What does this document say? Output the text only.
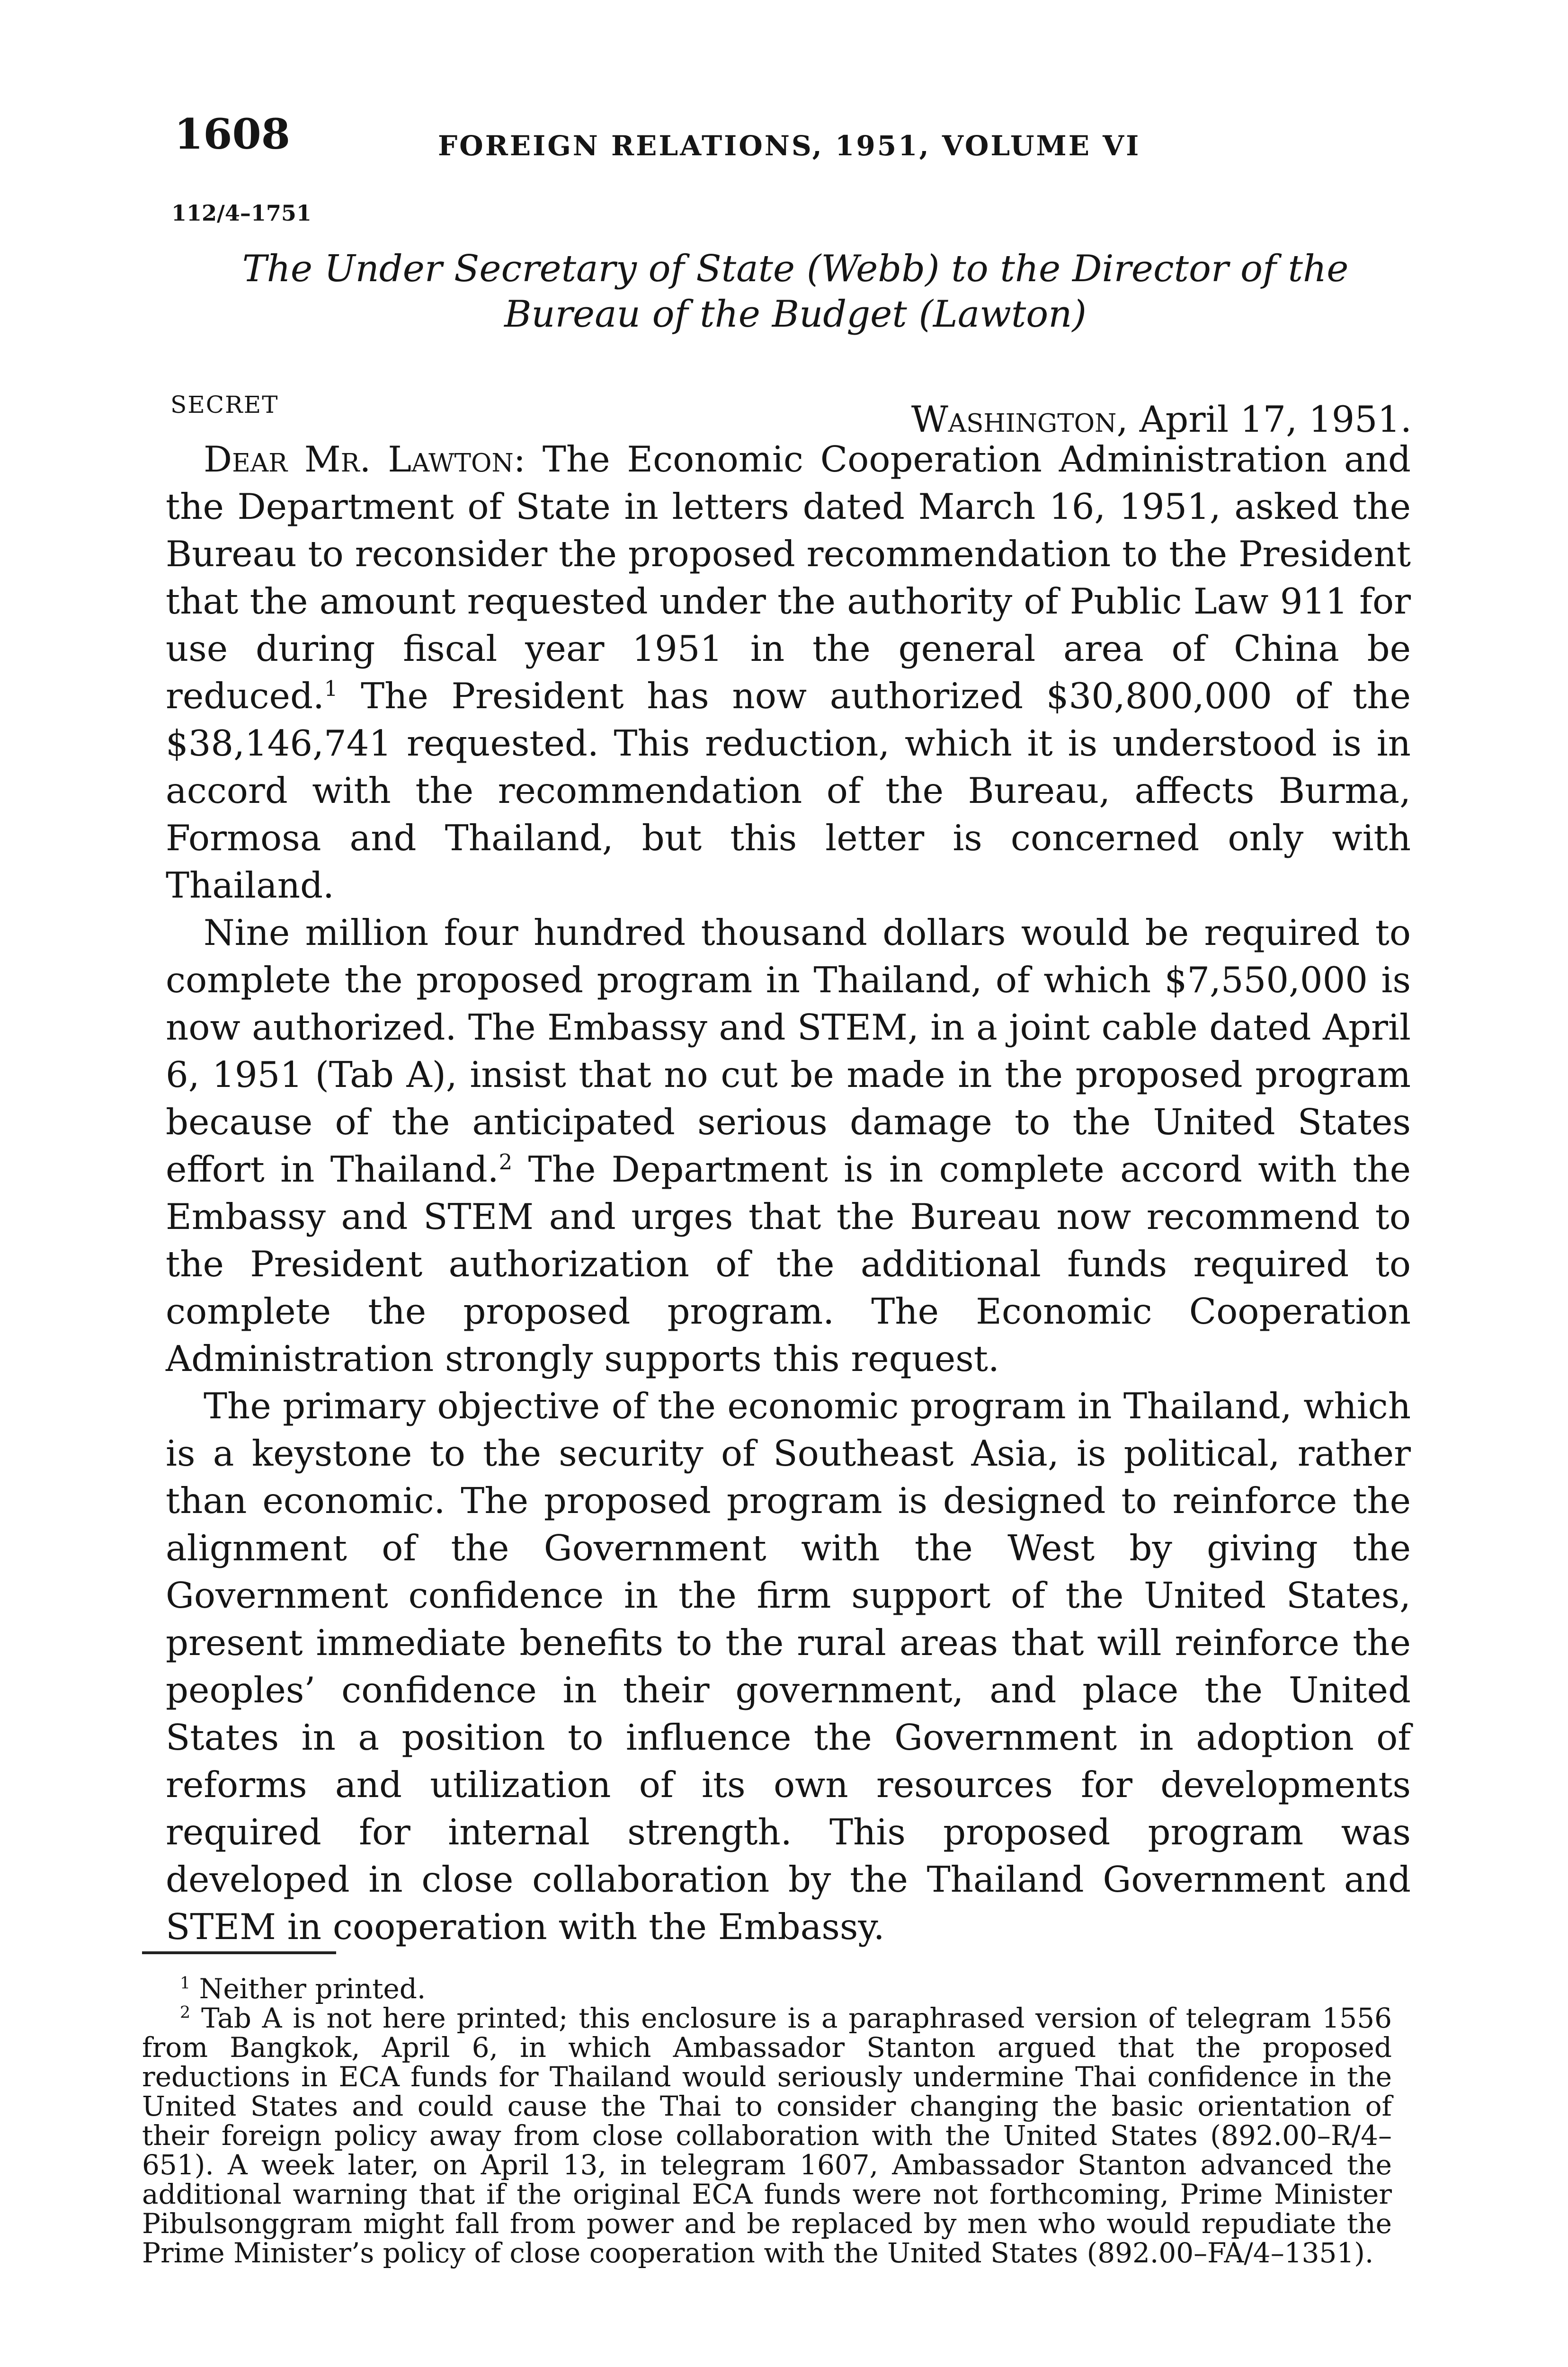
1608	FOREIGN RELATIONS, 1951, VOLUME VI
112/4–1751
The Under Secretary of State (Webb) to the Director of the Bureau of the Budget (Lawton)
SECRET	Washington, April 17, 1951.

Dear Mr. Lawton: The Economic Cooperation Administration and the Department of State in letters dated March 16, 1951, asked the Bureau to reconsider the proposed recommendation to the President that the amount requested under the authority of Public Law 911 for use during fiscal year 1951 in the general area of China be reduced.$^1$ The President has now authorized $30,800,000 of the $38,146,741 requested. This reduction, which it is understood is in accord with the recommendation of the Bureau, affects Burma, Formosa and Thailand, but this letter is concerned only with Thailand.

Nine million four hundred thousand dollars would be required to complete the proposed program in Thailand, of which $7,550,000 is now authorized. The Embassy and STEM, in a joint cable dated April 6, 1951 (Tab A), insist that no cut be made in the proposed program because of the anticipated serious damage to the United States effort in Thailand.$^2$ The Department is in complete accord with the Embassy and STEM and urges that the Bureau now recommend to the President authorization of the additional funds required to complete the proposed program. The Economic Cooperation Administration strongly supports this request.

The primary objective of the economic program in Thailand, which is a keystone to the security of Southeast Asia, is political, rather than economic. The proposed program is designed to reinforce the alignment of the Government with the West by giving the Government confidence in the firm support of the United States, present immediate benefits to the rural areas that will reinforce the peoples’ confidence in their government, and place the United States in a position to influence the Government in adoption of reforms and utilization of its own resources for developments required for internal strength. This proposed program was developed in close collaboration by the Thailand Government and STEM in cooperation with the Embassy.

$^1$ Neither printed.

$^2$ Tab A is not here printed; this enclosure is a paraphrased version of telegram 1556 from Bangkok, April 6, in which Ambassador Stanton argued that the proposed reductions in ECA funds for Thailand would seriously undermine Thai confidence in the United States and could cause the Thai to consider changing the basic orientation of their foreign policy away from close collaboration with the United States (892.00–R/4–651). A week later, on April 13, in telegram 1607, Ambassador Stanton advanced the additional warning that if the original ECA funds were not forthcoming, Prime Minister Pibulsonggram might fall from power and be replaced by men who would repudiate the Prime Minister’s policy of close cooperation with the United States (892.00–FA/4–1351).
